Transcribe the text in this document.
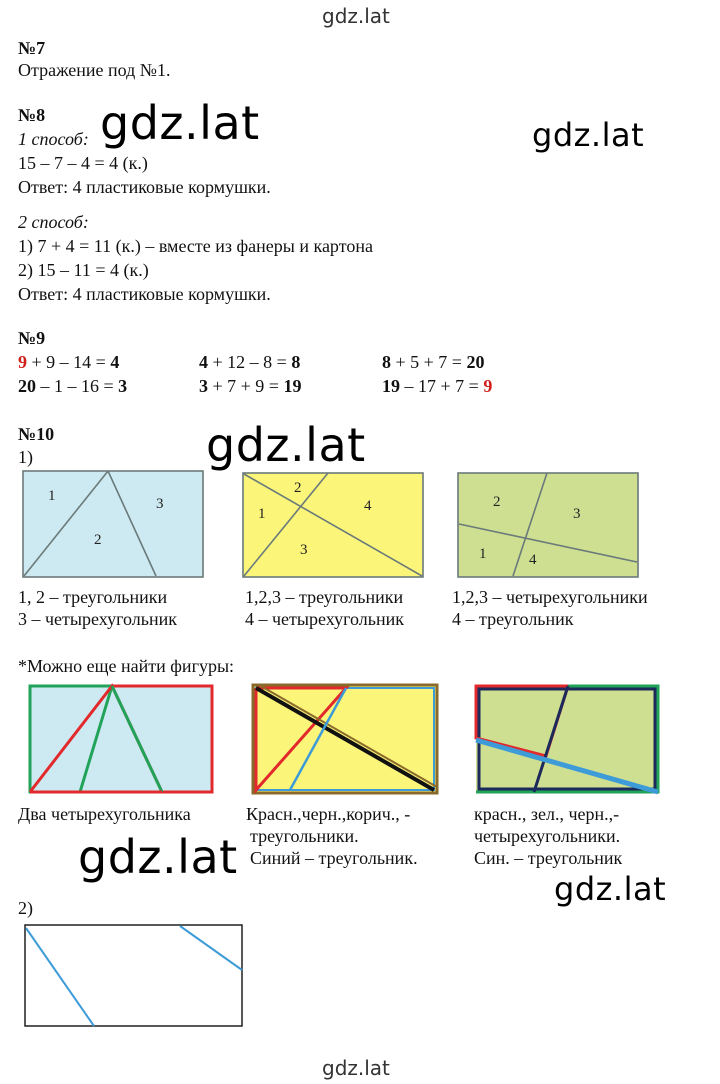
gdz.lat
gdz.lat
№7
Отражение под №1.
№8
1 способ:
15 – 7 – 4 = 4 (к.)
Ответ: 4 пластиковые кормушки.
2 способ:
1) 7 + 4 = 11 (к.) – вместе из фанеры и картона
2) 15 – 11 = 4 (к.)
Ответ: 4 пластиковые кормушки.
№9
9 + 9 – 14 = 4	4 + 12 – 8 = 8	8 + 5 + 7 = 20
20 – 1 – 16 = 3	3 + 7 + 9 = 19	19 – 17 + 7 = 9
№10
1)
1
2
3
2
1	4
3
2
3
1	4
1, 2 – треугольники
3 – четырехугольник
1,2,3 – треугольники
4 – четырехугольник
1,2,3 – четырехугольники
4 – треугольник
*Можно еще найти фигуры:
Два четырехугольника	Красн.,черн.,корич., -
треугольники.
Синий – треугольник.
красн., зел., черн.,-
четырехугольники.
Син. – треугольник
2)
gdz.lat	gdz.lat
gdz.lat
gdz.lat
gdz.lat
